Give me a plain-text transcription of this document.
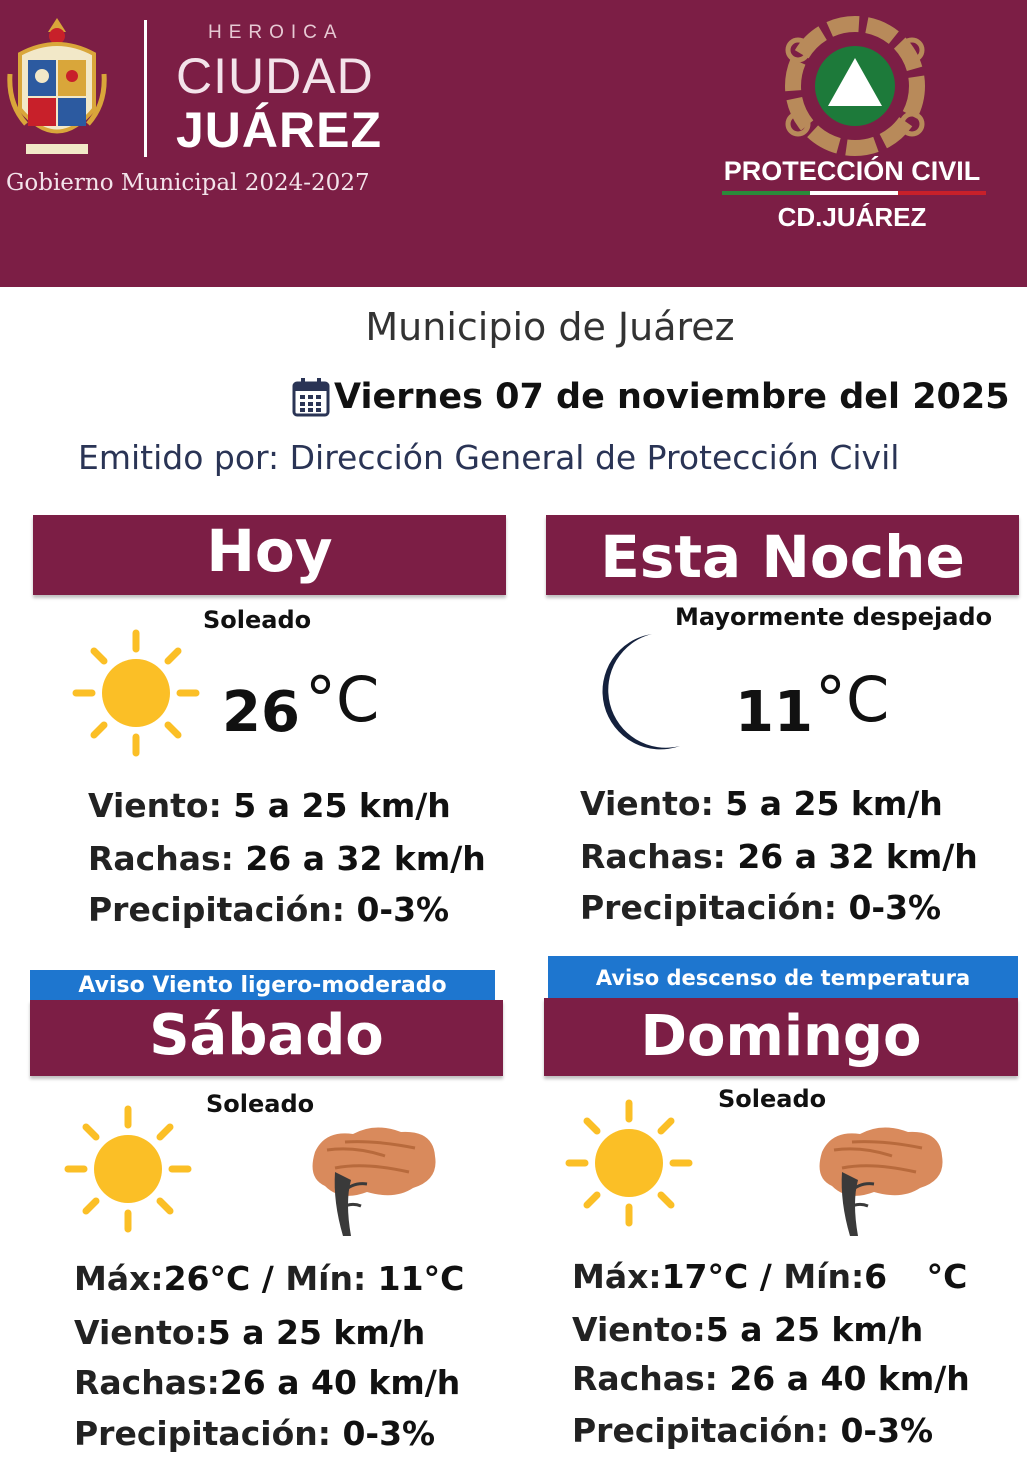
HEROICA
CIUDAD
JUÁREZ
Gobierno Municipal 2024-2027	PROTECCIÓN CIVIL
CD.JUÁREZ
Municipio de Juárez
Viernes 07 de noviembre del 2025
Emitido por: Dirección General de Protección Civil
Hoy
Soleado
26 °C
Viento: 5 a 25 km/h
Rachas: 26 a 32 km/h
Precipitación: 0-3%
Esta Noche
Mayormente despejado
11 °C
Viento: 5 a 25 km/h
Rachas: 26 a 32 km/h
Precipitación: 0-3%
Aviso Viento ligero-moderado
Sábado
Soleado
Máx:26°C / Mín: 11°C
Viento:5 a 25 km/h
Rachas:26 a 40 km/h
Precipitación: 0-3%
Aviso descenso de temperatura
Domingo
Soleado
Máx:17°C / Mín:6 °C
Viento:5 a 25 km/h
Rachas: 26 a 40 km/h
Precipitación: 0-3%
